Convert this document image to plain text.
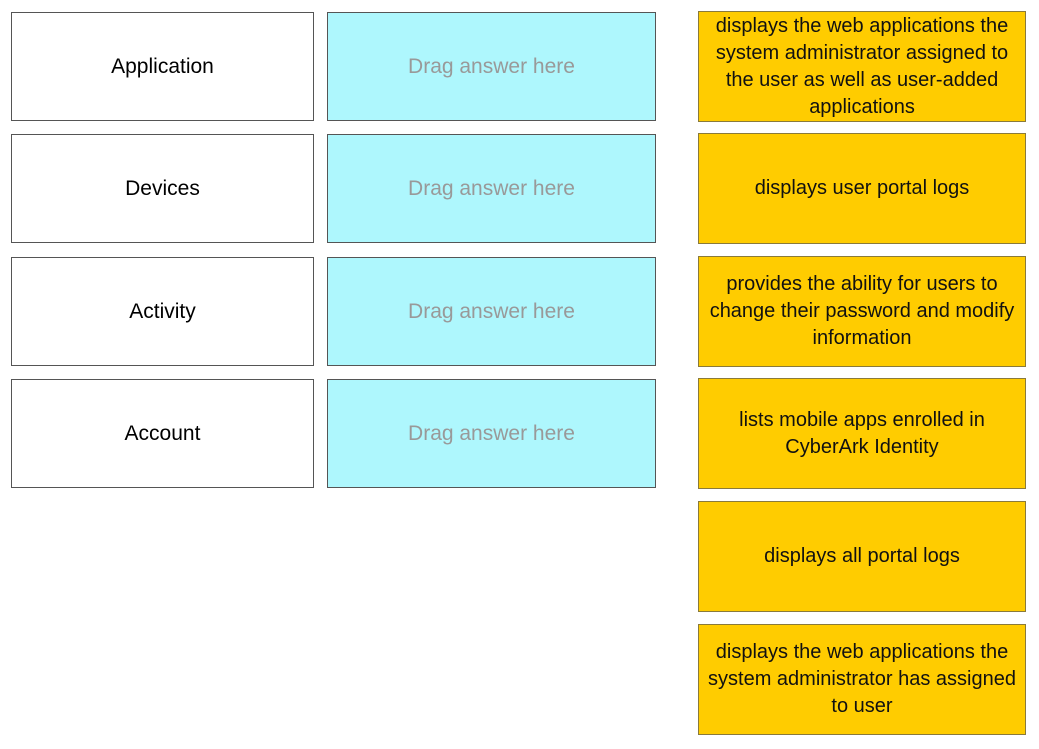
Application
Devices
Activity
Account
Drag answer here
Drag answer here
Drag answer here
Drag answer here
displays the web applications the system administrator assigned to the user as well as user-added applications
displays user portal logs
provides the ability for users to change their password and modify information
lists mobile apps enrolled in CyberArk Identity
displays all portal logs
displays the web applications the system administrator has assigned to user
